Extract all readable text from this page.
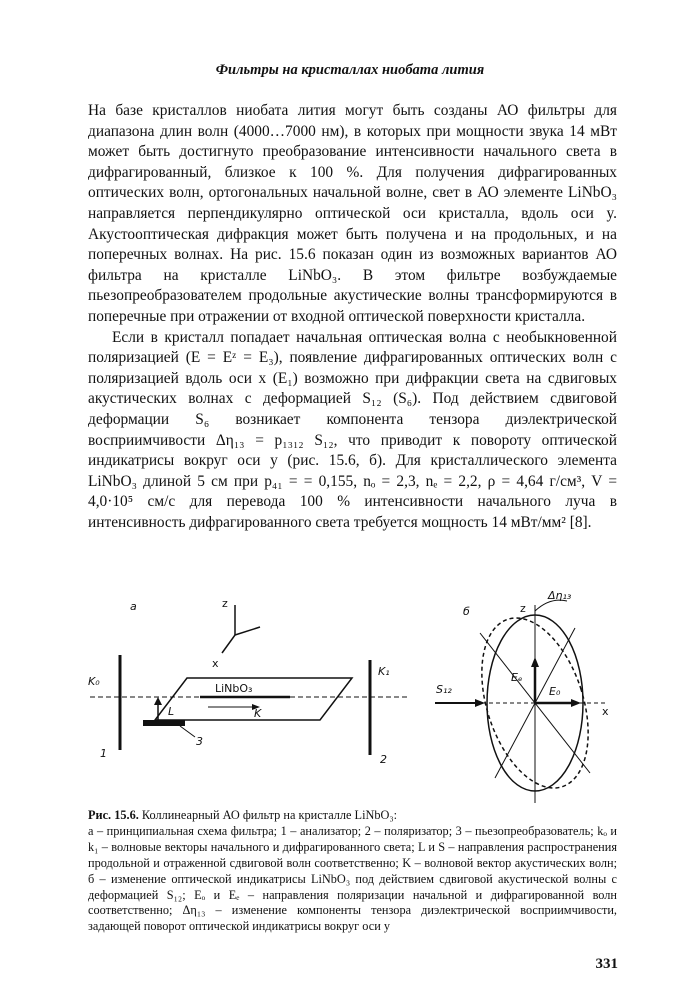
Фильтры на кристаллах ниобата лития

На базе кристаллов ниобата лития могут быть созданы АО фильтры для диапазона длин волн (4000…7000 нм), в которых при мощности звука 14 мВт может быть достигнуто преобразование интенсивности начального света в дифрагированный, близкое к 100 %. Для получения дифрагированных оптических волн, ортогональных начальной волне, свет в АО элементе LiNbO₃ направляется перпендикулярно оптической оси кристалла, вдоль оси y. Акустооптическая дифракция может быть получена и на продольных, и на поперечных волнах. На рис. 15.6 показан один из возможных вариантов АО фильтра на кристалле LiNbO₃. В этом фильтре возбуждаемые пьезопреобразователем продольные акустические волны трансформируются в поперечные при отражении от входной оптической поверхности кристалла.

Если в кристалл попадает начальная оптическая волна с необыкновенной поляризацией (E = Eᶻ = E₃), появление дифрагированных оптических волн с поляризацией вдоль оси x (E₁) возможно при дифракции света на сдвиговых акустических волнах с деформацией S₁₂ (S₆). Под действием сдвиговой деформации S₆ возникает компонента тензора диэлектрической восприимчивости Δη₁₃ = p₁₃₁₂ S₁₂, что приводит к повороту оптической индикатрисы вокруг оси y (рис. 15.6, б). Для кристаллического элемента LiNbO₃ длиной 5 см при p₄₁ = = 0,155, nₒ = 2,3, nₑ = 2,2, ρ = 4,64 г/см³, V = 4,0·10⁵ см/с для перевода 100 % интенсивности начального луча в интенсивность дифрагированного света требуется мощность 14 мВт/мм² [8].

а	z
x
K₀
1
K₁
2
LiNbO₃
3
L	K
б
Eₑ
E₀
z
x
Δη₁₃
S₁₂

Рис. 15.6. Коллинеарный АО фильтр на кристалле LiNbO₃:

а – принципиальная схема фильтра; 1 – анализатор; 2 – поляризатор; 3 – пьезопреобразователь; kₒ и k₁ – волновые векторы начального и дифрагированного света; L и S – направления распространения продольной и отраженной сдвиговой волн соответственно; K – волновой вектор акустических волн; б – изменение оптической индикатрисы LiNbO₃ под действием сдвиговой акустической волны с деформацией S₁₂; Eₒ и Eₑ – направления поляризации начальной и дифрагированной волн соответственно; Δη₁₃ – изменение компоненты тензора диэлектрической восприимчивости, задающей поворот оптической индикатрисы вокруг оси y

331
